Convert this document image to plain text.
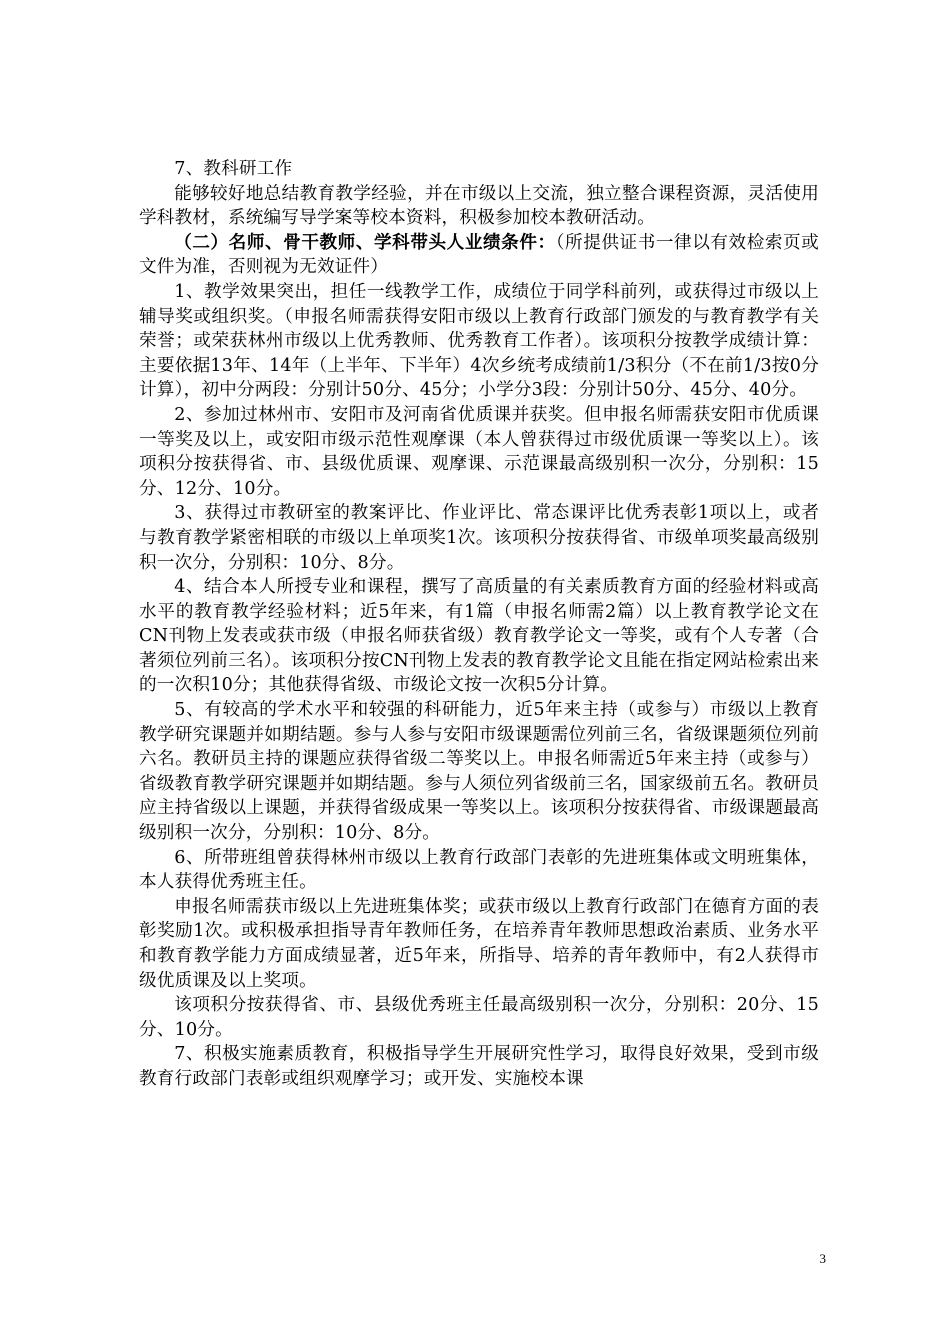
7、教科研工作

能够较好地总结教育教学经验，并在市级以上交流，独立整合课程资源，灵活使用学科教材，系统编写导学案等校本资料，积极参加校本教研活动。

（二）名师、骨干教师、学科带头人业绩条件：（所提供证书一律以有效检索页或文件为准，否则视为无效证件）

1、教学效果突出，担任一线教学工作，成绩位于同学科前列，或获得过市级以上辅导奖或组织奖。（申报名师需获得安阳市级以上教育行政部门颁发的与教育教学有关荣誉；或荣获林州市级以上优秀教师、优秀教育工作者）。该项积分按教学成绩计算：主要依据13年、14年（上半年、下半年）4次乡统考成绩前1/3积分（不在前1/3按0分计算），初中分两段：分别计50分、45分；小学分3段：分别计50分、45分、40分。

2、参加过林州市、安阳市及河南省优质课并获奖。但申报名师需获安阳市优质课一等奖及以上，或安阳市级示范性观摩课（本人曾获得过市级优质课一等奖以上）。该项积分按获得省、市、县级优质课、观摩课、示范课最高级别积一次分，分别积：15分、12分、10分。

3、获得过市教研室的教案评比、作业评比、常态课评比优秀表彰1项以上，或者与教育教学紧密相联的市级以上单项奖1次。该项积分按获得省、市级单项奖最高级别积一次分，分别积：10分、8分。

4、结合本人所授专业和课程，撰写了高质量的有关素质教育方面的经验材料或高水平的教育教学经验材料；近5年来，有1篇（申报名师需2篇）以上教育教学论文在CN刊物上发表或获市级（申报名师获省级）教育教学论文一等奖，或有个人专著（合著须位列前三名）。该项积分按CN刊物上发表的教育教学论文且能在指定网站检索出来的一次积10分；其他获得省级、市级论文按一次积5分计算。

5、有较高的学术水平和较强的科研能力，近5年来主持（或参与）市级以上教育教学研究课题并如期结题。参与人参与安阳市级课题需位列前三名，省级课题须位列前六名。教研员主持的课题应获得省级二等奖以上。申报名师需近5年来主持（或参与）省级教育教学研究课题并如期结题。参与人须位列省级前三名，国家级前五名。教研员应主持省级以上课题，并获得省级成果一等奖以上。该项积分按获得省、市级课题最高级别积一次分，分别积：10分、8分。

6、所带班组曾获得林州市级以上教育行政部门表彰的先进班集体或文明班集体，本人获得优秀班主任。

申报名师需获市级以上先进班集体奖；或获市级以上教育行政部门在德育方面的表彰奖励1次。或积极承担指导青年教师任务，在培养青年教师思想政治素质、业务水平和教育教学能力方面成绩显著，近5年来，所指导、培养的青年教师中，有2人获得市级优质课及以上奖项。

该项积分按获得省、市、县级优秀班主任最高级别积一次分，分别积：20分、15分、10分。

7、积极实施素质教育，积极指导学生开展研究性学习，取得良好效果，受到市级教育行政部门表彰或组织观摩学习；或开发、实施校本课

3
